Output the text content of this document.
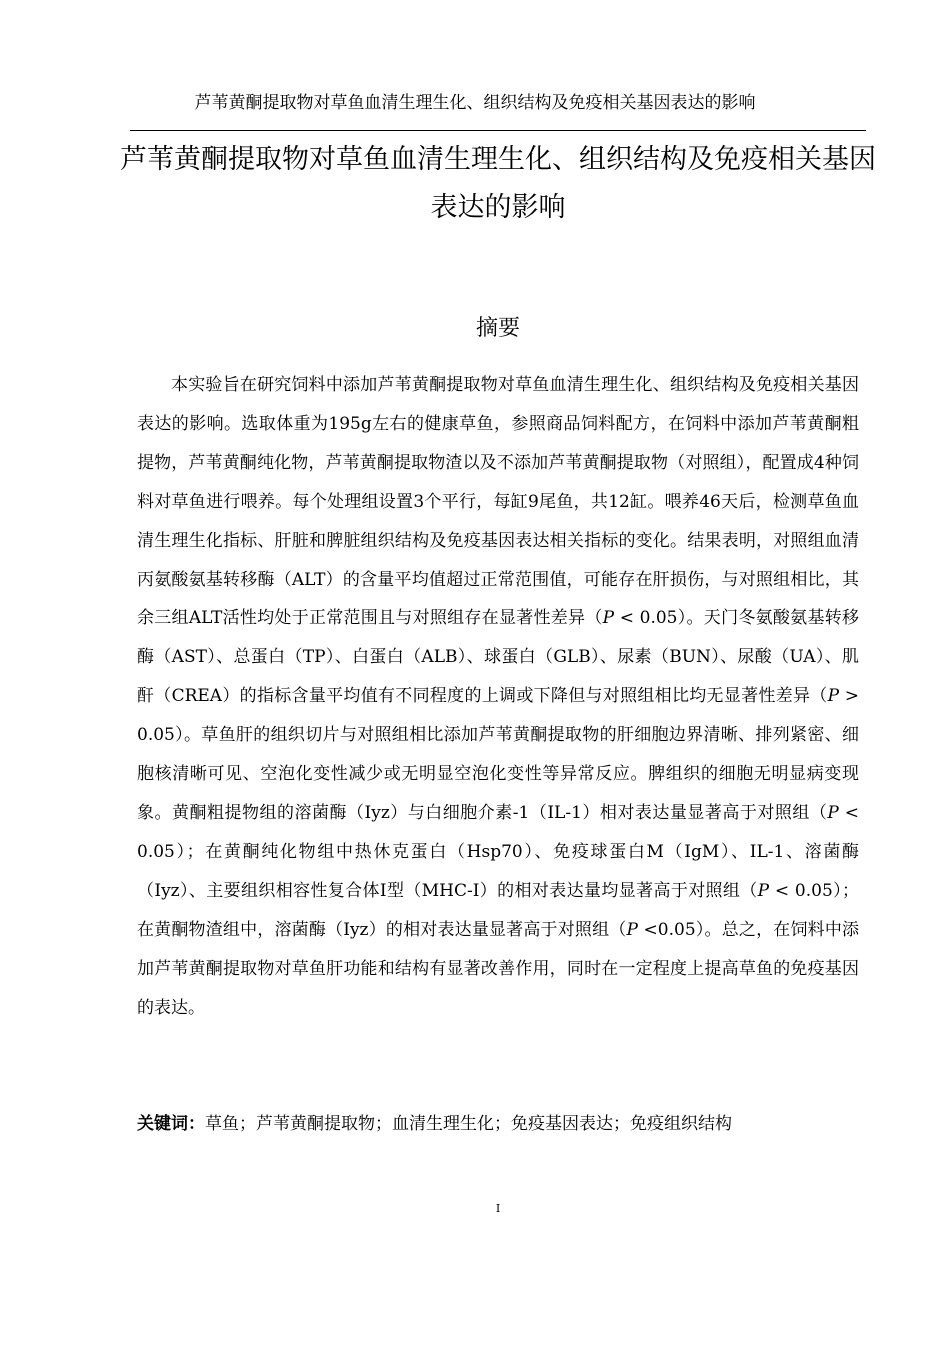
芦苇黄酮提取物对草鱼血清生理生化、组织结构及免疫相关基因表达的影响
芦苇黄酮提取物对草鱼血清生理生化、组织结构及免疫相关基因表达的影响
摘要

本实验旨在研究饲料中添加芦苇黄酮提取物对草鱼血清生理生化、组织结构及免疫相关基因表达的影响。选取体重为195g左右的健康草鱼，参照商品饲料配方，在饲料中添加芦苇黄酮粗提物，芦苇黄酮纯化物，芦苇黄酮提取物渣以及不添加芦苇黄酮提取物（对照组），配置成4种饲料对草鱼进行喂养。每个处理组设置3个平行，每缸9尾鱼，共12缸。喂养46天后，检测草鱼血清生理生化指标、肝脏和脾脏组织结构及免疫基因表达相关指标的变化。结果表明，对照组血清丙氨酸氨基转移酶（ALT）的含量平均值超过正常范围值，可能存在肝损伤，与对照组相比，其余三组ALT活性均处于正常范围且与对照组存在显著性差异（P < 0.05）。天门冬氨酸氨基转移酶（AST）、总蛋白（TP）、白蛋白（ALB）、球蛋白（GLB）、尿素（BUN）、尿酸（UA）、肌酐（CREA）的指标含量平均值有不同程度的上调或下降但与对照组相比均无显著性差异（P > 0.05）。草鱼肝的组织切片与对照组相比添加芦苇黄酮提取物的肝细胞边界清晰、排列紧密、细胞核清晰可见、空泡化变性减少或无明显空泡化变性等异常反应。脾组织的细胞无明显病变现象。黄酮粗提物组的溶菌酶（Iyz）与白细胞介素-1（IL-1）相对表达量显著高于对照组（P < 0.05）；在黄酮纯化物组中热休克蛋白（Hsp70）、免疫球蛋白M（IgM）、IL-1、溶菌酶（Iyz）、主要组织相容性复合体Ⅰ型（MHC-I）的相对表达量均显著高于对照组（P < 0.05）；在黄酮物渣组中，溶菌酶（Iyz）的相对表达量显著高于对照组（P <0.05）。总之，在饲料中添加芦苇黄酮提取物对草鱼肝功能和结构有显著改善作用，同时在一定程度上提高草鱼的免疫基因的表达。

关键词：草鱼；芦苇黄酮提取物；血清生理生化；免疫基因表达；免疫组织结构

I
